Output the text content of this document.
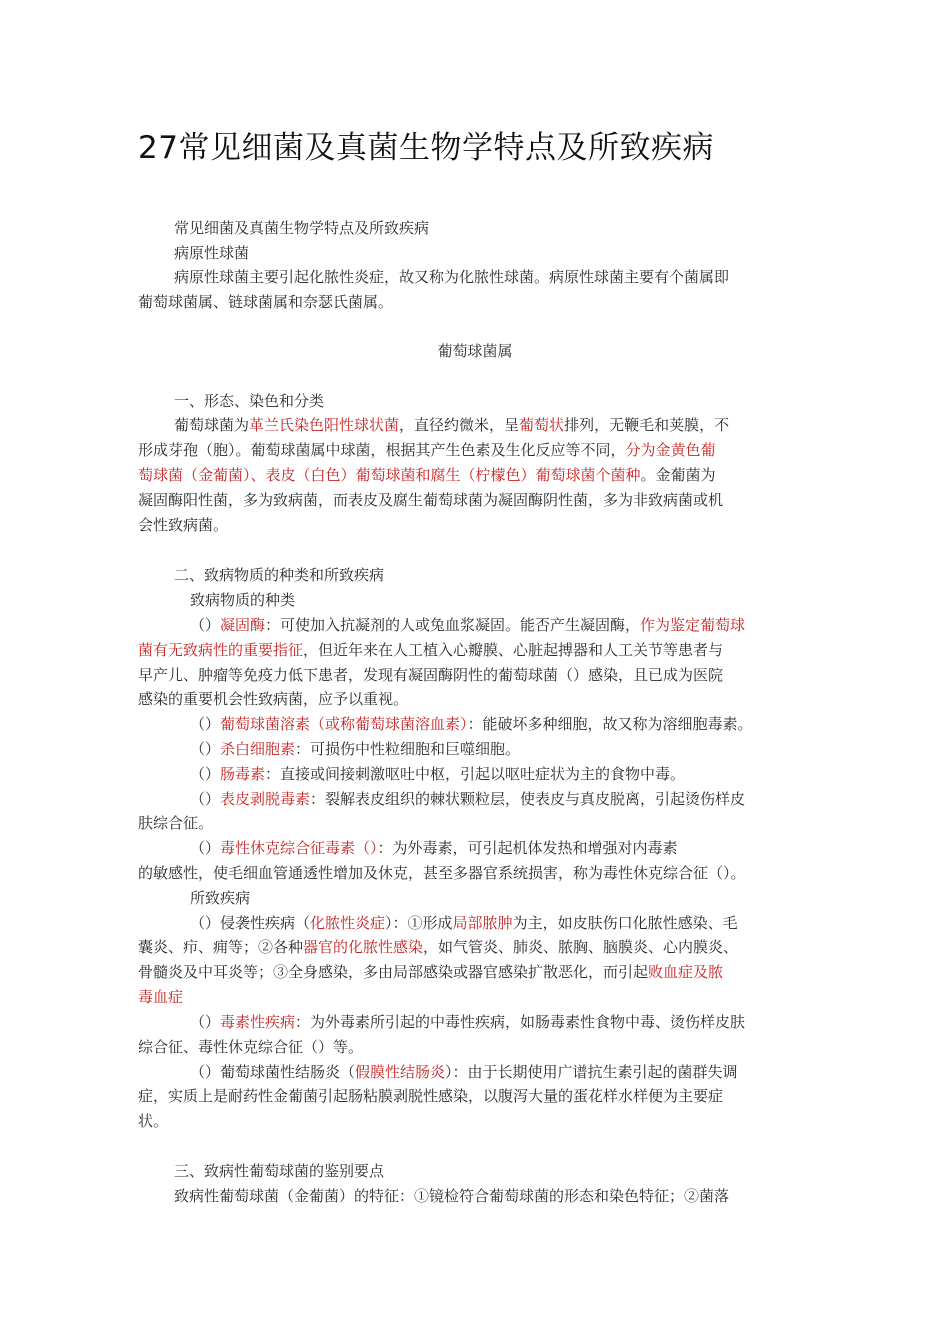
27常见细菌及真菌生物学特点及所致疾病
常见细菌及真菌生物学特点及所致疾病
病原性球菌
病原性球菌主要引起化脓性炎症，故又称为化脓性球菌。病原性球菌主要有个菌属即
葡萄球菌属、链球菌属和奈瑟氏菌属。
葡萄球菌属
一、形态、染色和分类
葡萄球菌为革兰氏染色阳性球状菌，直径约微米，呈葡萄状排列，无鞭毛和荚膜，不
形成芽孢（胞）。葡萄球菌属中球菌，根据其产生色素及生化反应等不同，分为金黄色葡
萄球菌（金葡菌）、表皮（白色）葡萄球菌和腐生（柠檬色）葡萄球菌个菌种。金葡菌为
凝固酶阳性菌，多为致病菌，而表皮及腐生葡萄球菌为凝固酶阴性菌，多为非致病菌或机
会性致病菌。
二、致病物质的种类和所致疾病
致病物质的种类
（）凝固酶：可使加入抗凝剂的人或兔血浆凝固。能否产生凝固酶，作为鉴定葡萄球
菌有无致病性的重要指征，但近年来在人工植入心瓣膜、心脏起搏器和人工关节等患者与
早产儿、肿瘤等免疫力低下患者，发现有凝固酶阴性的葡萄球菌（）感染，且已成为医院
感染的重要机会性致病菌，应予以重视。
（）葡萄球菌溶素（或称葡萄球菌溶血素）：能破坏多种细胞，故又称为溶细胞毒素。
（）杀白细胞素：可损伤中性粒细胞和巨噬细胞。
（）肠毒素：直接或间接刺激呕吐中枢，引起以呕吐症状为主的食物中毒。
（）表皮剥脱毒素：裂解表皮组织的棘状颗粒层，使表皮与真皮脱离，引起烫伤样皮
肤综合征。
（）毒性休克综合征毒素（）：为外毒素，可引起机体发热和增强对内毒素
的敏感性，使毛细血管通透性增加及休克，甚至多器官系统损害，称为毒性休克综合征（）。
所致疾病
（）侵袭性疾病（化脓性炎症）：①形成局部脓肿为主，如皮肤伤口化脓性感染、毛
囊炎、疖、痈等；②各种器官的化脓性感染，如气管炎、肺炎、脓胸、脑膜炎、心内膜炎、
骨髓炎及中耳炎等；③全身感染，多由局部感染或器官感染扩散恶化，而引起败血症及脓
毒血症
（）毒素性疾病：为外毒素所引起的中毒性疾病，如肠毒素性食物中毒、烫伤样皮肤
综合征、毒性休克综合征（）等。
（）葡萄球菌性结肠炎（假膜性结肠炎）：由于长期使用广谱抗生素引起的菌群失调
症，实质上是耐药性金葡菌引起肠粘膜剥脱性感染，以腹泻大量的蛋花样水样便为主要症
状。
三、致病性葡萄球菌的鉴别要点
致病性葡萄球菌（金葡菌）的特征：①镜检符合葡萄球菌的形态和染色特征；②菌落
